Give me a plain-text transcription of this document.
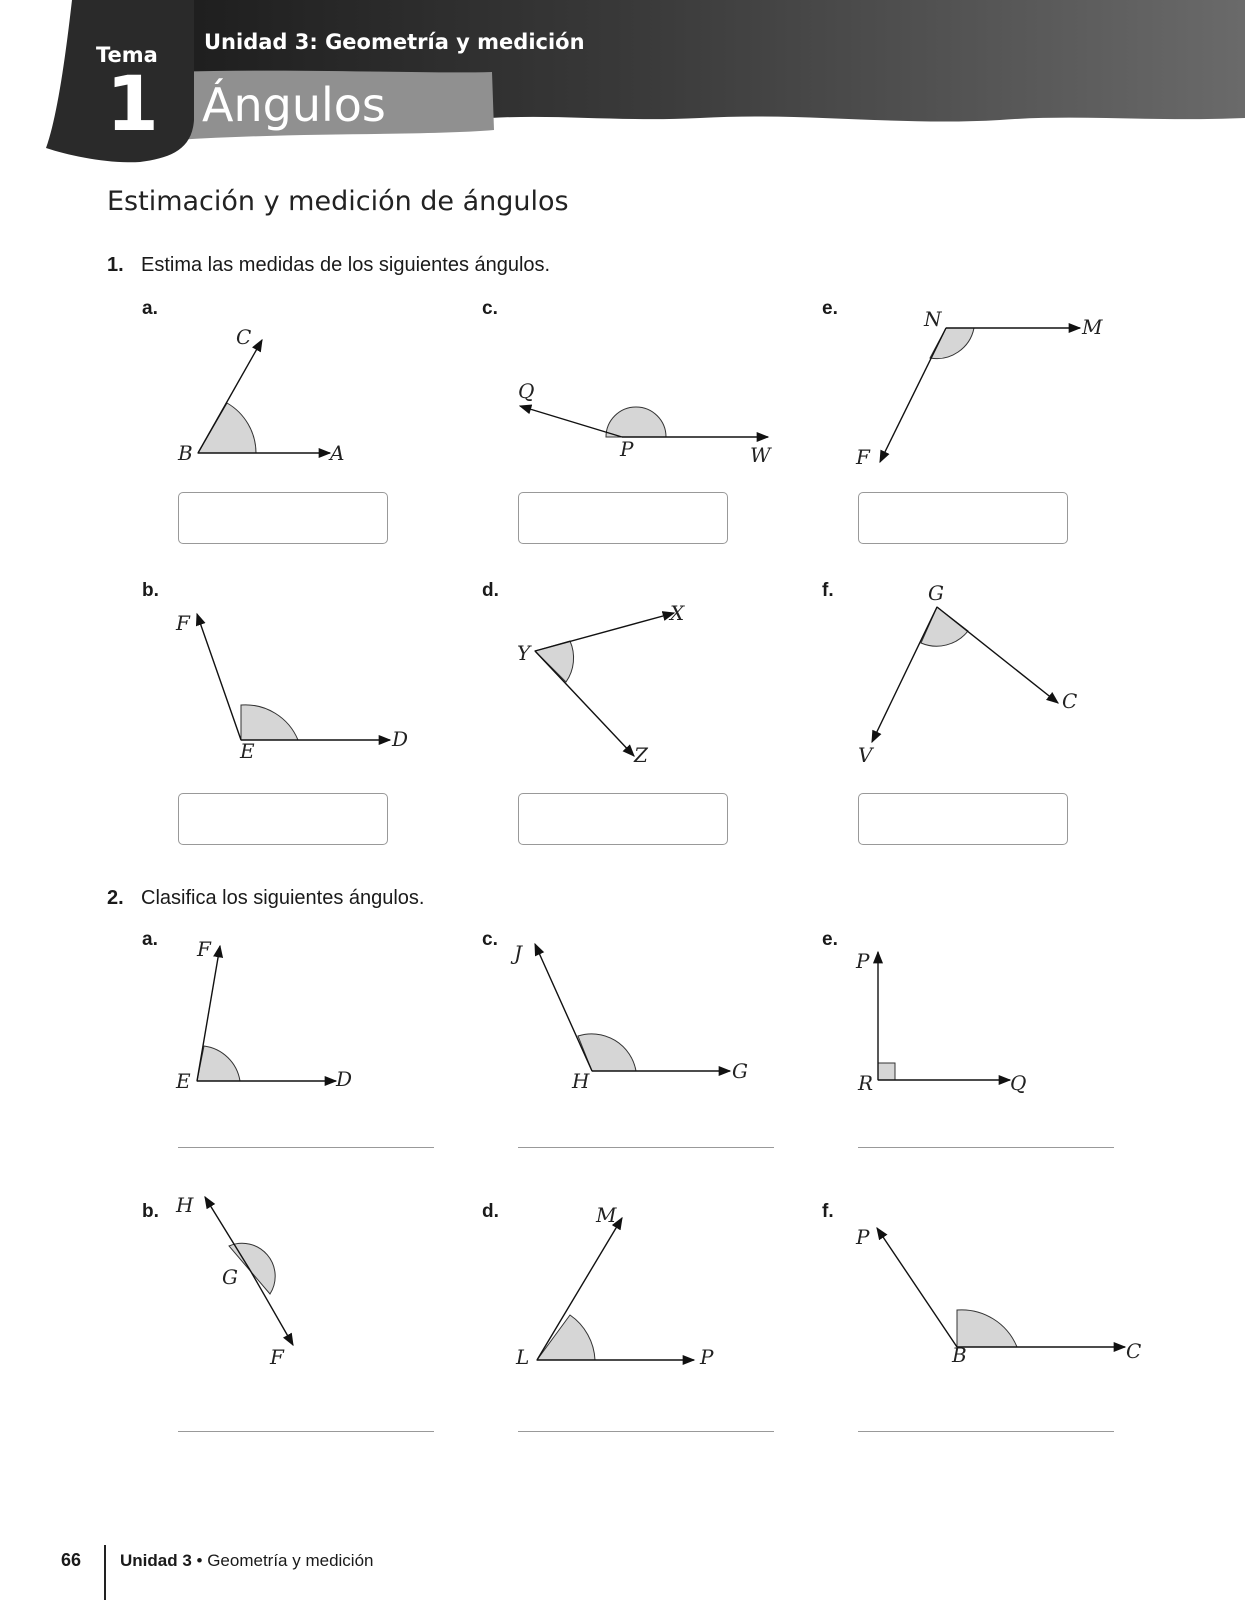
Tema
1
Unidad 3: Geometría y medición
Ángulos
Estimación y medición de ángulos
1. Estima las medidas de los siguientes ángulos.
a.	c.	e.
b.	d.	f.
2. Clasifica los siguientes ángulos.
a.	c.	e.
b.	d.	f.
C
B	A
Q
P	W
N	M
F
F
E	D
X
Y
Z
G
C
V
F
E	D
J
H	G
P
R	Q
H
G
F
M
L	P
P
B	C
66 Unidad 3 • Geometría y medición
